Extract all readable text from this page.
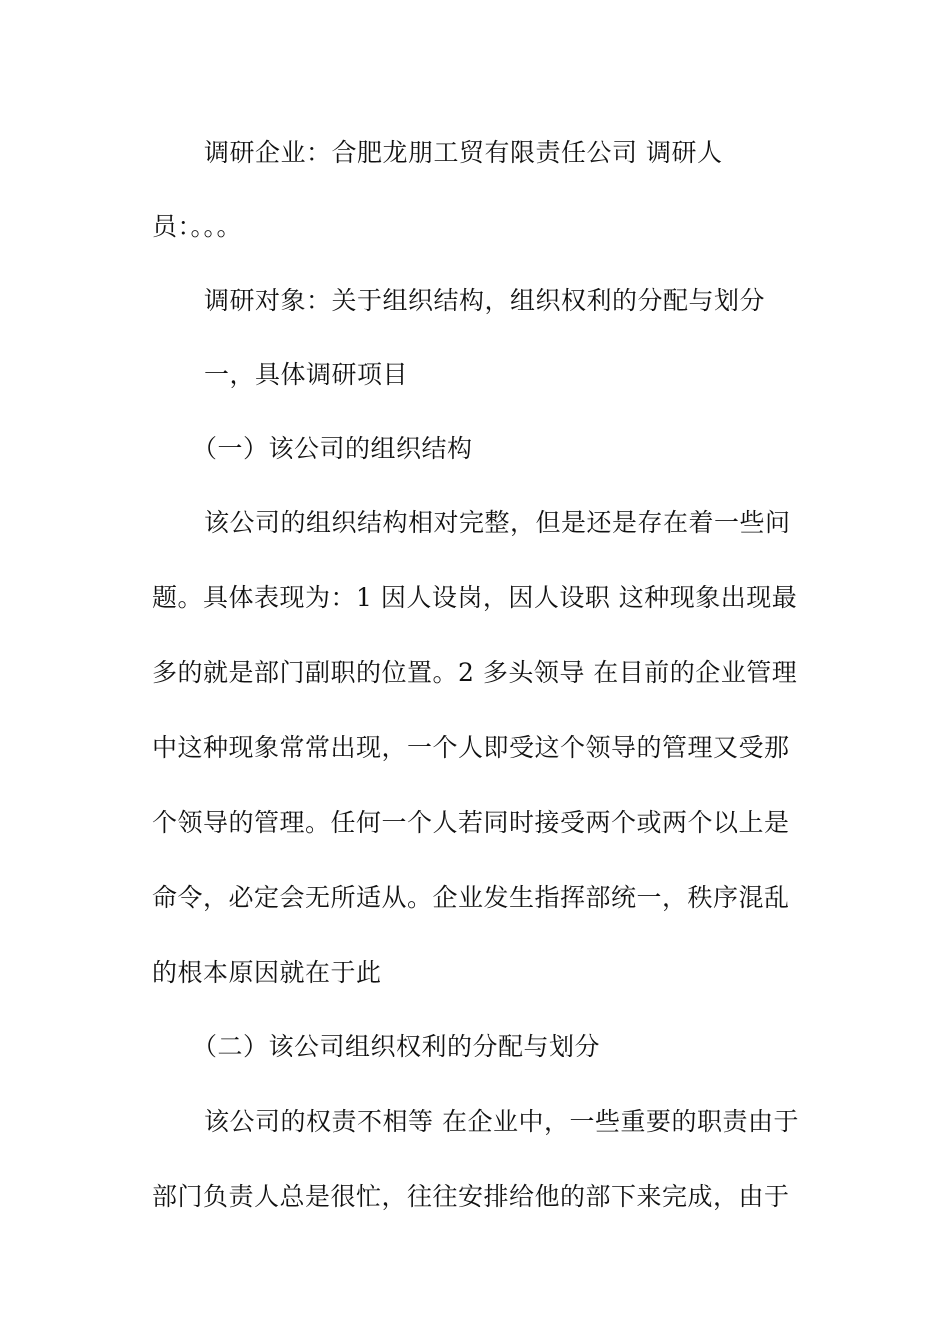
调研企业：合肥龙朋工贸有限责任公司 调研人
员：。。。
调研对象：关于组织结构，组织权利的分配与划分
一，具体调研项目
（一）该公司的组织结构
该公司的组织结构相对完整，但是还是存在着一些问
题。具体表现为：1 因人设岗，因人设职 这种现象出现最
多的就是部门副职的位置。2 多头领导 在目前的企业管理
中这种现象常常出现，一个人即受这个领导的管理又受那
个领导的管理。任何一个人若同时接受两个或两个以上是
命令，必定会无所适从。企业发生指挥部统一，秩序混乱
的根本原因就在于此
（二）该公司组织权利的分配与划分
该公司的权责不相等 在企业中，一些重要的职责由于
部门负责人总是很忙，往往安排给他的部下来完成，由于
